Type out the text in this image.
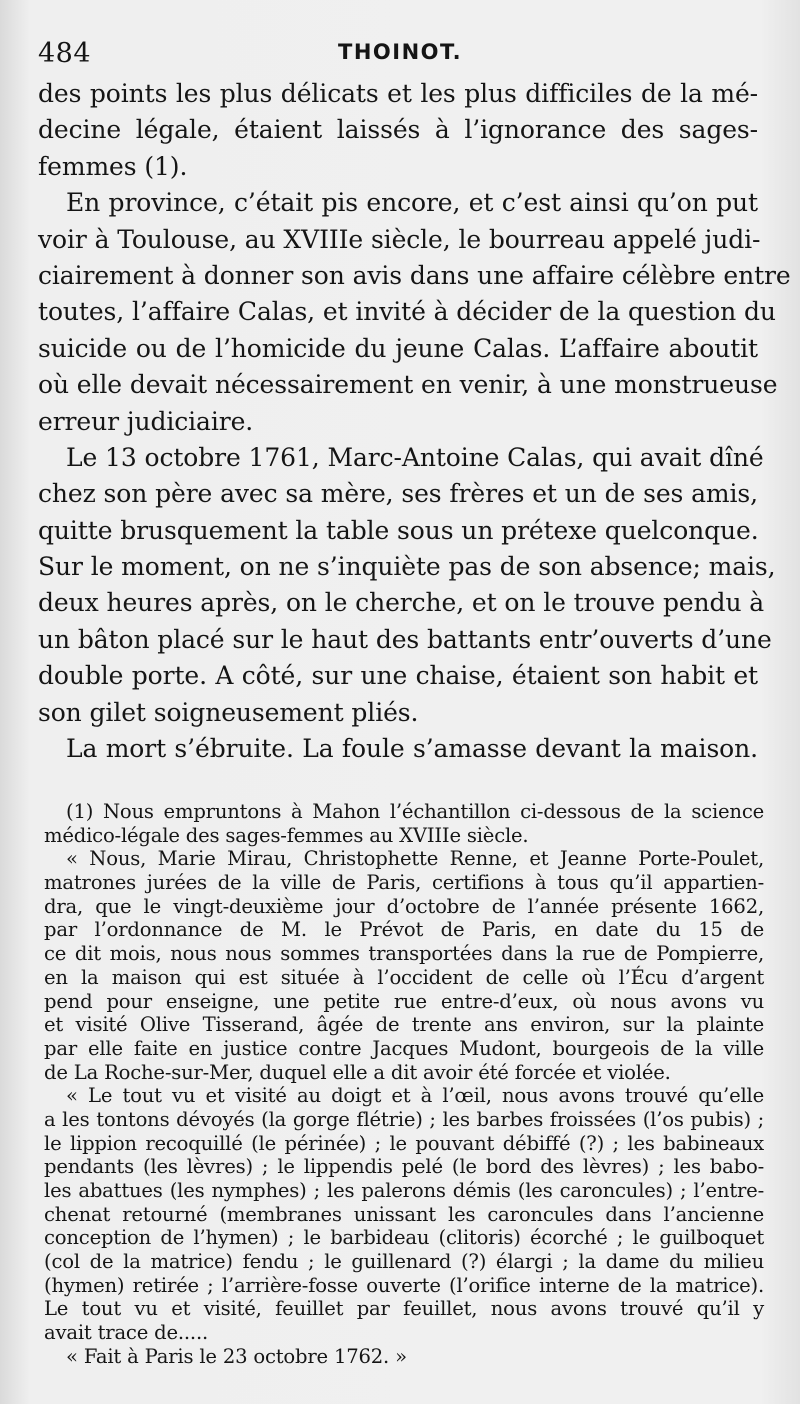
484	THOINOT.
des points les plus délicats et les plus difficiles de la mé-
decine légale, étaient laissés à l’ignorance des sages-
femmes (1).
En province, c’était pis encore, et c’est ainsi qu’on put
voir à Toulouse, au XVIIIe siècle, le bourreau appelé judi-
ciairement à donner son avis dans une affaire célèbre entre
toutes, l’affaire Calas, et invité à décider de la question du
suicide ou de l’homicide du jeune Calas. L’affaire aboutit
où elle devait nécessairement en venir, à une monstrueuse
erreur judiciaire.
Le 13 octobre 1761, Marc-Antoine Calas, qui avait dîné
chez son père avec sa mère, ses frères et un de ses amis,
quitte brusquement la table sous un prétexe quelconque.
Sur le moment, on ne s’inquiète pas de son absence; mais,
deux heures après, on le cherche, et on le trouve pendu à
un bâton placé sur le haut des battants entr’ouverts d’une
double porte. A côté, sur une chaise, étaient son habit et
son gilet soigneusement pliés.
La mort s’ébruite. La foule s’amasse devant la maison.
(1) Nous empruntons à Mahon l’échantillon ci-dessous de la science
médico-légale des sages-femmes au XVIIIe siècle.
« Nous, Marie Mirau, Christophette Renne, et Jeanne Porte-Poulet,
matrones jurées de la ville de Paris, certifions à tous qu’il appartien-
dra, que le vingt-deuxième jour d’octobre de l’année présente 1662,
par l’ordonnance de M. le Prévot de Paris, en date du 15 de
ce dit mois, nous nous sommes transportées dans la rue de Pompierre,
en la maison qui est située à l’occident de celle où l’Écu d’argent
pend pour enseigne, une petite rue entre-d’eux, où nous avons vu
et visité Olive Tisserand, âgée de trente ans environ, sur la plainte
par elle faite en justice contre Jacques Mudont, bourgeois de la ville
de La Roche-sur-Mer, duquel elle a dit avoir été forcée et violée.
« Le tout vu et visité au doigt et à l’œil, nous avons trouvé qu’elle
a les tontons dévoyés (la gorge flétrie) ; les barbes froissées (l’os pubis) ;
le lippion recoquillé (le périnée) ; le pouvant débiffé (?) ; les babineaux
pendants (les lèvres) ; le lippendis pelé (le bord des lèvres) ; les babo-
les abattues (les nymphes) ; les palerons démis (les caroncules) ; l’entre-
chenat retourné (membranes unissant les caroncules dans l’ancienne
conception de l’hymen) ; le barbideau (clitoris) écorché ; le guilboquet
(col de la matrice) fendu ; le guillenard (?) élargi ; la dame du milieu
(hymen) retirée ; l’arrière-fosse ouverte (l’orifice interne de la matrice).
Le tout vu et visité, feuillet par feuillet, nous avons trouvé qu’il y
avait trace de.....
« Fait à Paris le 23 octobre 1762. »
